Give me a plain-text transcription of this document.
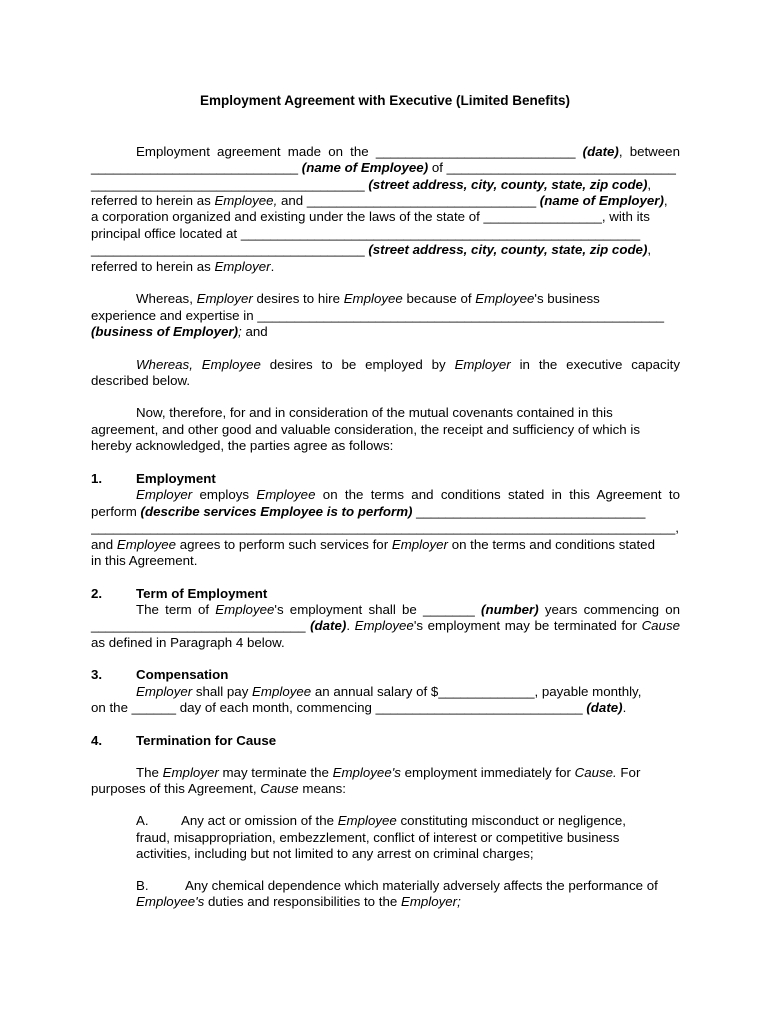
Employment Agreement with Executive (Limited Benefits)
Employment agreement made on the ___________________________ (date), between
____________________________ (name of Employee) of _______________________________
_____________________________________ (street address, city, county, state, zip code),
referred to herein as Employee, and _______________________________ (name of Employer),
a corporation organized and existing under the laws of the state of ________________, with its
principal office located at ______________________________________________________
_____________________________________ (street address, city, county, state, zip code),
referred to herein as Employer.
Whereas, Employer desires to hire Employee because of Employee's business
experience and expertise in _______________________________________________________
(business of Employer); and
Whereas, Employee desires to be employed by Employer in the executive capacity
described below.
Now, therefore, for and in consideration of the mutual covenants contained in this
agreement, and other good and valuable consideration, the receipt and sufficiency of which is
hereby acknowledged, the parties agree as follows:
1.	Employment
Employer employs Employee on the terms and conditions stated in this Agreement to
perform (describe services Employee is to perform) _______________________________
_______________________________________________________________________________,
and Employee agrees to perform such services for Employer on the terms and conditions stated
in this Agreement.
2.	Term of Employment
The term of Employee's employment shall be _______ (number) years commencing on
_____________________________ (date). Employee's employment may be terminated for Cause
as defined in Paragraph 4 below.
3.	Compensation
Employer shall pay Employee an annual salary of $_____________, payable monthly,
on the ______ day of each month, commencing ____________________________ (date).
4.	Termination for Cause
The Employer may terminate the Employee's employment immediately for Cause. For
purposes of this Agreement, Cause means:
A. Any act or omission of the Employee constituting misconduct or negligence,
fraud, misappropriation, embezzlement, conflict of interest or competitive business
activities, including but not limited to any arrest on criminal charges;
B.	Any chemical dependence which materially adversely affects the performance of
Employee's duties and responsibilities to the Employer;
